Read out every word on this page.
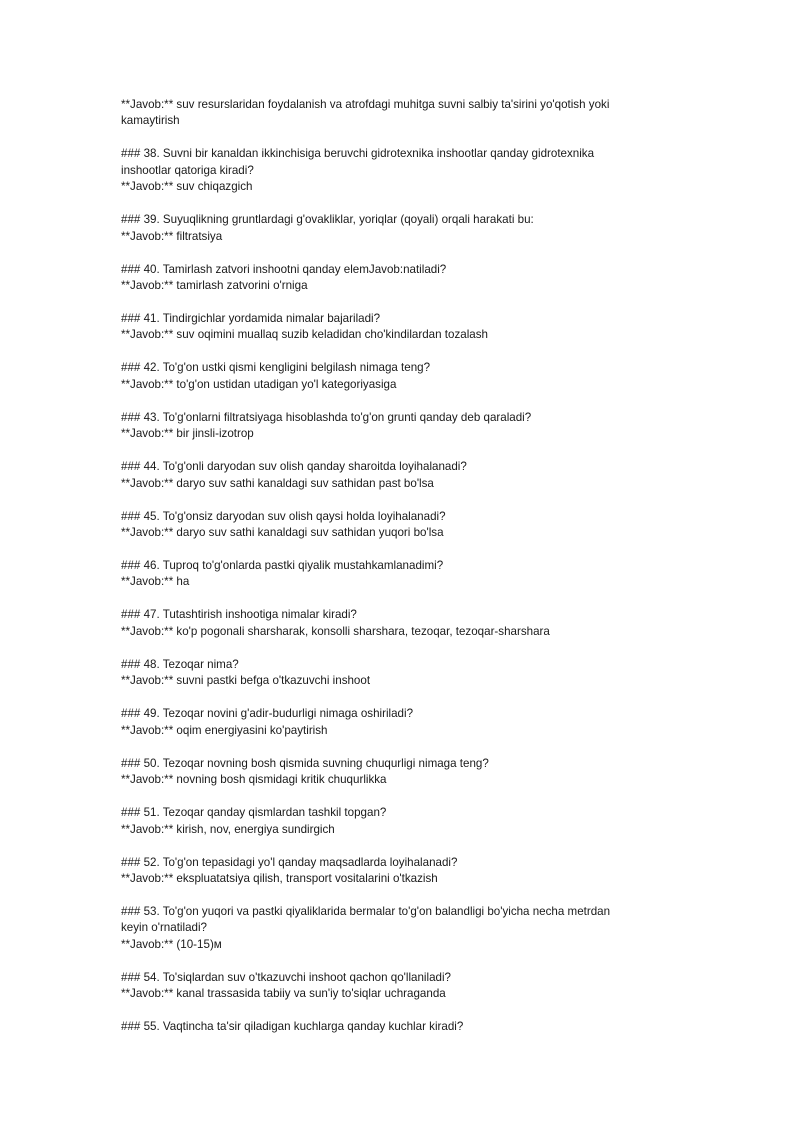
**Javob:** suv resurslaridan foydalanish va atrofdagi muhitga suvni salbiy ta'sirini yo'qotish yoki
kamaytirish
### 38. Suvni bir kanaldan ikkinchisiga beruvchi gidrotexnika inshootlar qanday gidrotexnika
inshootlar qatoriga kiradi?
**Javob:** suv chiqazgich
### 39. Suyuqlikning gruntlardagi g'ovakliklar, yoriqlar (qoyali) orqali harakati bu:
**Javob:** filtratsiya
### 40. Tamirlash zatvori inshootni qanday elemJavob:natiladi?
**Javob:** tamirlash zatvorini o'rniga
### 41. Tindirgichlar yordamida nimalar bajariladi?
**Javob:** suv oqimini muallaq suzib keladidan cho'kindilardan tozalash
### 42. To'g'on ustki qismi kengligini belgilash nimaga teng?
**Javob:** to'g'on ustidan utadigan yo'l kategoriyasiga
### 43. To'g'onlarni filtratsiyaga hisoblashda to'g'on grunti qanday deb qaraladi?
**Javob:** bir jinsli-izotrop
### 44. To'g'onli daryodan suv olish qanday sharoitda loyihalanadi?
**Javob:** daryo suv sathi kanaldagi suv sathidan past bo'lsa
### 45. To'g'onsiz daryodan suv olish qaysi holda loyihalanadi?
**Javob:** daryo suv sathi kanaldagi suv sathidan yuqori bo'lsa
### 46. Tuproq to'g'onlarda pastki qiyalik mustahkamlanadimi?
**Javob:** ha
### 47. Tutashtirish inshootiga nimalar kiradi?
**Javob:** ko'p pogonali sharsharak, konsolli sharshara, tezoqar, tezoqar-sharshara
### 48. Tezoqar nima?
**Javob:** suvni pastki befga o'tkazuvchi inshoot
### 49. Tezoqar novini g'adir-budurligi nimaga oshiriladi?
**Javob:** oqim energiyasini ko'paytirish
### 50. Tezoqar novning bosh qismida suvning chuqurligi nimaga teng?
**Javob:** novning bosh qismidagi kritik chuqurlikka
### 51. Tezoqar qanday qismlardan tashkil topgan?
**Javob:** kirish, nov, energiya sundirgich
### 52. To'g'on tepasidagi yo'l qanday maqsadlarda loyihalanadi?
**Javob:** ekspluatatsiya qilish, transport vositalarini o'tkazish
### 53. To'g'on yuqori va pastki qiyaliklarida bermalar to'g'on balandligi bo'yicha necha metrdan
keyin o'rnatiladi?
**Javob:** (10-15)м
### 54. To'siqlardan suv o'tkazuvchi inshoot qachon qo'llaniladi?
**Javob:** kanal trassasida tabiiy va sun'iy to'siqlar uchraganda
### 55. Vaqtincha ta'sir qiladigan kuchlarga qanday kuchlar kiradi?
